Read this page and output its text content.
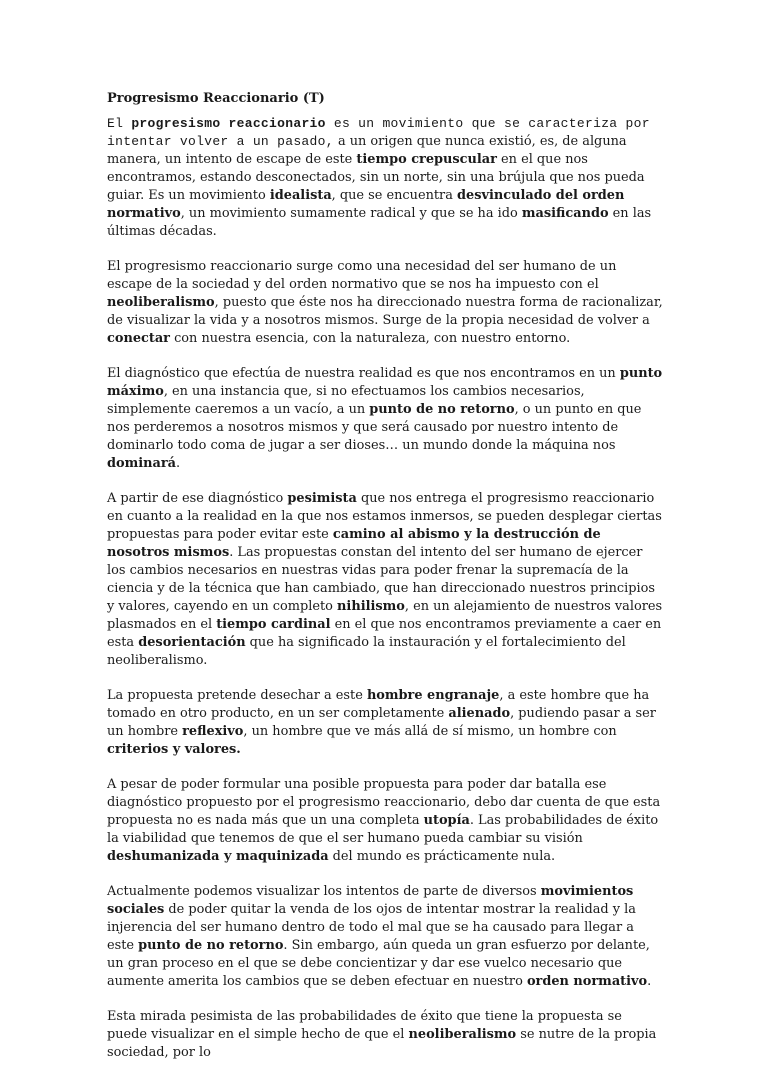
Progresismo Reaccionario (T)

El progresismo reaccionario es un movimiento que se caracteriza por intentar volver a un pasado, a un origen que nunca existió, es, de alguna manera, un intento de escape de este tiempo crepuscular en el que nos encontramos, estando desconectados, sin un norte, sin una brújula que nos pueda guiar. Es un movimiento idealista, que se encuentra desvinculado del orden normativo, un movimiento sumamente radical y que se ha ido masificando en las últimas décadas.

El progresismo reaccionario surge como una necesidad del ser humano de un escape de la sociedad y del orden normativo que se nos ha impuesto con el neoliberalismo, puesto que éste nos ha direccionado nuestra forma de racionalizar, de visualizar la vida y a nosotros mismos. Surge de la propia necesidad de volver a conectar con nuestra esencia, con la naturaleza, con nuestro entorno.

El diagnóstico que efectúa de nuestra realidad es que nos encontramos en un punto máximo, en una instancia que, si no efectuamos los cambios necesarios, simplemente caeremos a un vacío, a un punto de no retorno, o un punto en que nos perderemos a nosotros mismos y que será causado por nuestro intento de dominarlo todo coma de jugar a ser dioses… un mundo donde la máquina nos dominará.

A partir de ese diagnóstico pesimista que nos entrega el progresismo reaccionario en cuanto a la realidad en la que nos estamos inmersos, se pueden desplegar ciertas propuestas para poder evitar este camino al abismo y la destrucción de nosotros mismos. Las propuestas constan del intento del ser humano de ejercer los cambios necesarios en nuestras vidas para poder frenar la supremacía de la ciencia y de la técnica que han cambiado, que han direccionado nuestros principios y valores, cayendo en un completo nihilismo, en un alejamiento de nuestros valores plasmados en el tiempo cardinal en el que nos encontramos previamente a caer en esta desorientación que ha significado la instauración y el fortalecimiento del neoliberalismo.

La propuesta pretende desechar a este hombre engranaje, a este hombre que ha tomado en otro producto, en un ser completamente alienado, pudiendo pasar a ser un hombre reflexivo, un hombre que ve más allá de sí mismo, un hombre con criterios y valores.

A pesar de poder formular una posible propuesta para poder dar batalla ese diagnóstico propuesto por el progresismo reaccionario, debo dar cuenta de que esta propuesta no es nada más que un una completa utopía. Las probabilidades de éxito la viabilidad que tenemos de que el ser humano pueda cambiar su visión deshumanizada y maquinizada del mundo es prácticamente nula.

Actualmente podemos visualizar los intentos de parte de diversos movimientos sociales de poder quitar la venda de los ojos de intentar mostrar la realidad y la injerencia del ser humano dentro de todo el mal que se ha causado para llegar a este punto de no retorno. Sin embargo, aún queda un gran esfuerzo por delante, un gran proceso en el que se debe concientizar y dar ese vuelco necesario que aumente amerita los cambios que se deben efectuar en nuestro orden normativo.

Esta mirada pesimista de las probabilidades de éxito que tiene la propuesta se puede visualizar en el simple hecho de que el neoliberalismo se nutre de la propia sociedad, por lo
